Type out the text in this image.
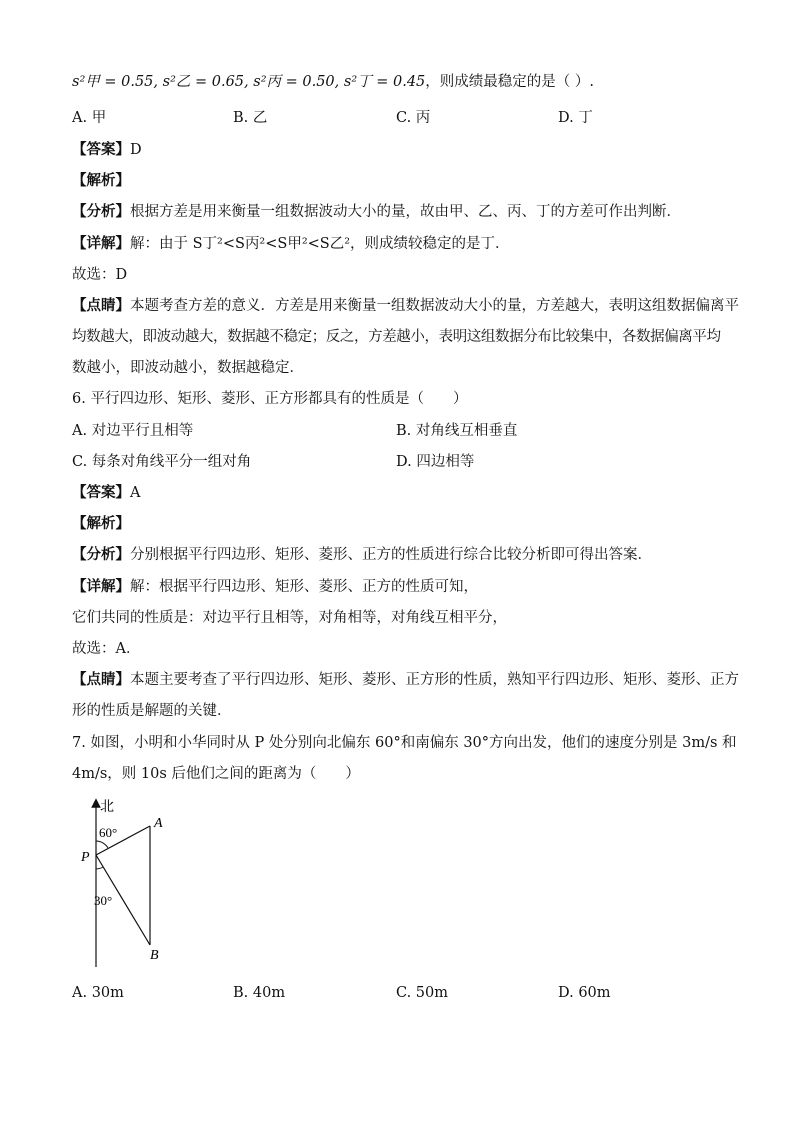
s²甲 = 0.55, s²乙 = 0.65, s²丙 = 0.50, s²丁 = 0.45，则成绩最稳定的是（ ）.
A. 甲	B. 乙	C. 丙	D. 丁
【答案】D
【解析】
【分析】根据方差是用来衡量一组数据波动大小的量，故由甲、乙、丙、丁的方差可作出判断．
【详解】解：由于 S丁²<S丙²<S甲²<S乙²，则成绩较稳定的是丁．
故选：D
【点睛】本题考查方差的意义．方差是用来衡量一组数据波动大小的量，方差越大，表明这组数据偏离平
均数越大，即波动越大，数据越不稳定；反之，方差越小，表明这组数据分布比较集中，各数据偏离平均
数越小，即波动越小，数据越稳定．
6. 平行四边形、矩形、菱形、正方形都具有的性质是（　　）
A. 对边平行且相等	B. 对角线互相垂直
C. 每条对角线平分一组对角	D. 四边相等
【答案】A
【解析】
【分析】分别根据平行四边形、矩形、菱形、正方的性质进行综合比较分析即可得出答案．
【详解】解：根据平行四边形、矩形、菱形、正方的性质可知，
它们共同的性质是：对边平行且相等，对角相等，对角线互相平分，
故选：A．
【点睛】本题主要考查了平行四边形、矩形、菱形、正方形的性质，熟知平行四边形、矩形、菱形、正方
形的性质是解题的关键．
7. 如图，小明和小华同时从 P 处分别向北偏东 60°和南偏东 30°方向出发，他们的速度分别是 3m/s 和
4m/s，则 10s 后他们之间的距离为（　　）
北
60°
30°
P
A
B
A. 30m	B. 40m	C. 50m	D. 60m
